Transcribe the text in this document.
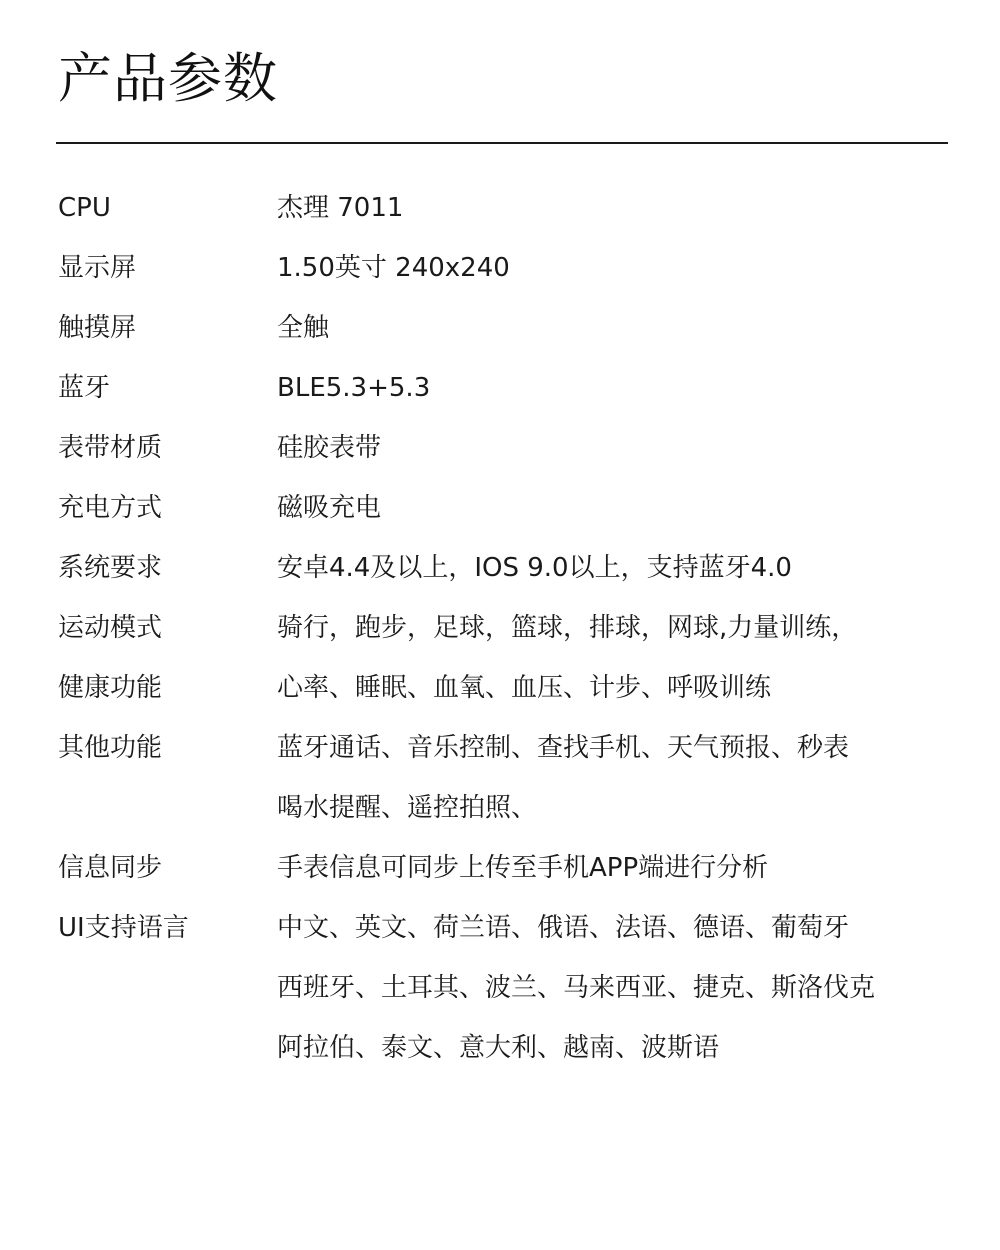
产品参数
CPU	杰理 7011
显示屏	1.50英寸 240x240
触摸屏	全触
蓝牙	BLE5.3+5.3
表带材质	硅胶表带
充电方式	磁吸充电
系统要求	安卓4.4及以上，IOS 9.0以上，支持蓝牙4.0
运动模式	骑行，跑步，足球，篮球，排球，网球,力量训练，
健康功能	心率、睡眠、血氧、血压、计步、呼吸训练
其他功能	蓝牙通话、音乐控制、查找手机、天气预报、秒表
喝水提醒、遥控拍照、
信息同步	手表信息可同步上传至手机APP端进行分析
UI支持语言	中文、英文、荷兰语、俄语、法语、德语、葡萄牙
西班牙、土耳其、波兰、马来西亚、捷克、斯洛伐克
阿拉伯、泰文、意大利、越南、波斯语
